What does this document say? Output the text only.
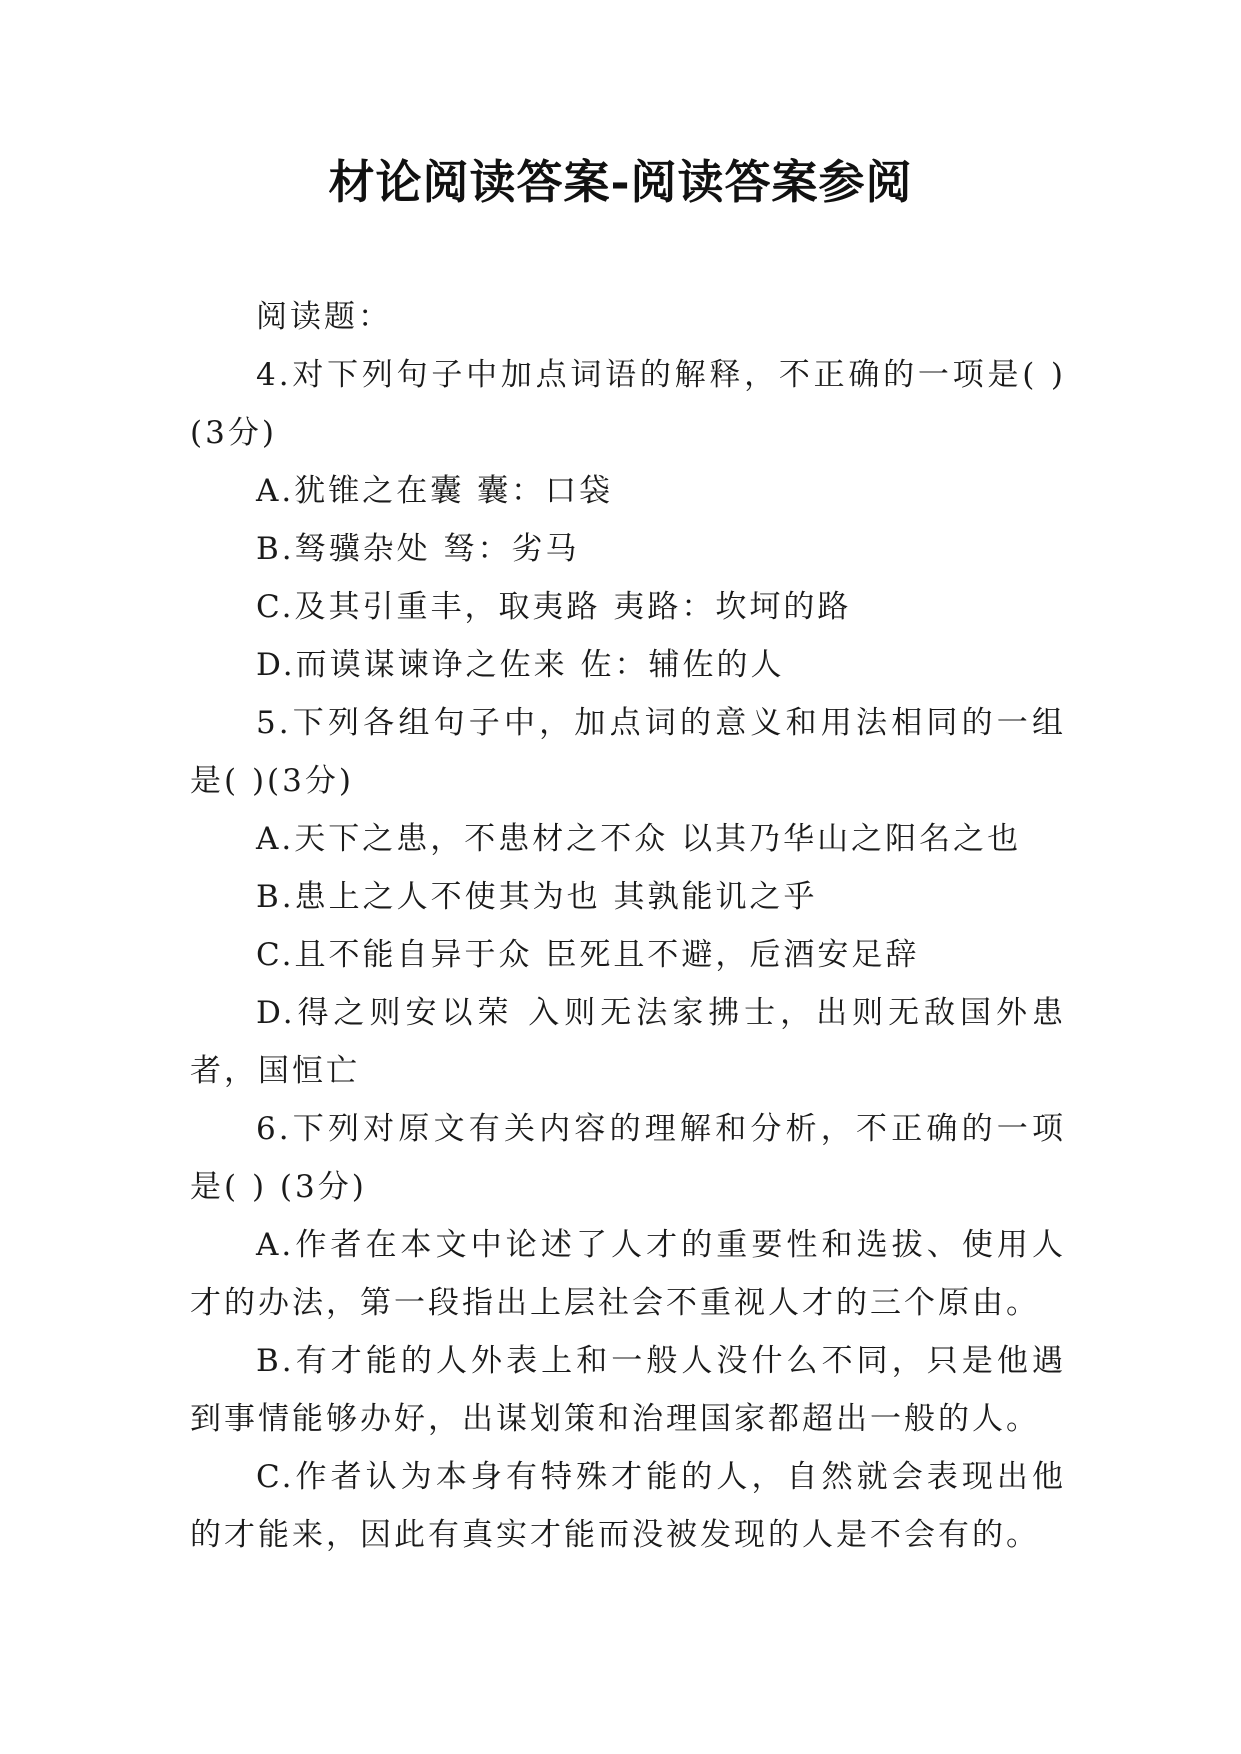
材论阅读答案-阅读答案参阅

阅读题：

4.对下列句子中加点词语的解释，不正确的一项是( )(3分)

A.犹锥之在囊 囊：口袋

B.驽骥杂处 驽：劣马

C.及其引重丰，取夷路 夷路：坎坷的路

D.而谟谋谏诤之佐来 佐：辅佐的人

5.下列各组句子中，加点词的意义和用法相同的一组是( )(3分)

A.天下之患，不患材之不众 以其乃华山之阳名之也

B.患上之人不使其为也 其孰能讥之乎

C.且不能自异于众 臣死且不避，卮酒安足辞

D.得之则安以荣 入则无法家拂士，出则无敌国外患者，国恒亡

6.下列对原文有关内容的理解和分析，不正确的一项是( ) (3分)

A.作者在本文中论述了人才的重要性和选拔、使用人才的办法，第一段指出上层社会不重视人才的三个原由。

B.有才能的人外表上和一般人没什么不同，只是他遇到事情能够办好，出谋划策和治理国家都超出一般的人。

C.作者认为本身有特殊才能的人，自然就会表现出他的才能来，因此有真实才能而没被发现的人是不会有的。
